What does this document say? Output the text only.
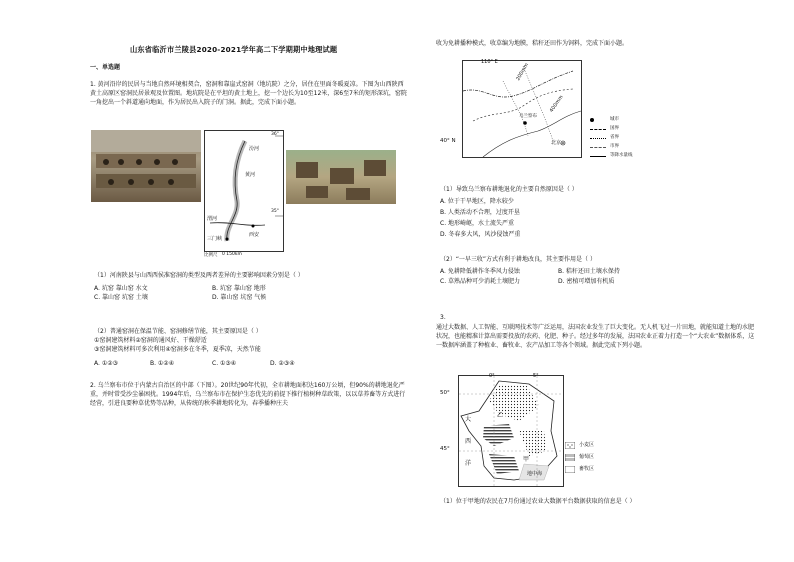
山东省临沂市兰陵县2020-2021学年高二下学期期中地理试题
一、单选题

1. 黄河沿岸的民居与当地自然环境相契合，窑洞和靠崖式窑洞（地坑院）之分，居住在里面冬暖夏凉。下图为山西陕西黄土高原区窑洞民居景观及位置图。地坑院是在平坦的黄土地上，挖一个边长为10至12米，深6至7米的矩形深坑，窑院一角挖出一个斜道通向地面，作为居民出入院子的门洞。据此，完成下面小题。

汾河
黄河
渭河
三门峡
西安
36°
35°
比例尺 0 150km

（1）河南陕县与山西西侯准窑洞的类型及两者差异的主要影响因素分别是（ ）

A. 坑窑 靠山窑 水文	B. 坑窑 靠山窑 地形
C. 靠山窑 坑窑 土壤	D. 靠山窑 坑窑 气候

（2）普通窑洞在保温节能、窑洞修缮节能，其主要原因是（ ）

①窑洞建筑材料②窑洞的通风好、干燥舒适

③窑洞建筑材料可多次利用④窑洞多在冬季，夏季凉，天然节能

A. ①②③	B. ①②④	C. ①③④	D. ②③④

2. 乌兰察布市位于内蒙古自治区的中部（下图）。20世纪90年代初，全市耕地面积达160万公顷，但90%的耕地退化严重，并时常受沙尘暴困扰。1994年后，乌兰察布市在保护生态优先的前提下推行植树种草政策，以以草养畜等方式进行经营，引进良要种草优势等品种，从传统的秋季耕地转化为，春季播种庄夫

收为免耕播种模式，收草编为地膜，秸秆还田作为饲料，完成下面小题。

110° E
200mm
400mm
乌兰察布
北京
40° N
城市
国界
省界
市界
等降水量线

（1）导致乌兰察布耕地退化的主要自然原因是（ ）

A. 位于干旱地区，降水较少
B. 人类活动不合理，过度开垦
C. 地形崎岖，水土流失严重
D. 冬春多大风，风沙侵蚀严重

（2）“一早三收”方式有利于耕地改良，其主要作用是（ ）

A. 免耕降低耕作冬季风力侵蚀	B. 秸秆还田土壤水保持
C. 草熟品种可少消耗土壤肥力	D. 密植可增加有机质
3.

通过大数据、人工智能、互联网技术等广泛运用，法国农业发生了巨大变化。无人机飞过一片田地，就能知道土地的水肥状况，也能精准计算出需要投放的农药、化肥、种子。经过多年的发展，法国农业正着力打造一个“大农业”数据体系，这一数据库涵盖了种植业、畜牧业、农产品加工等各个领域。据此完成下列小题。

大
西
洋
地中海
乙
甲
0°	5°
50°
45°
小麦区
葡萄区
畜牧区

（1）位于甲地的农民在7月份通过农业大数据平台数据获取的信息是（ ）
